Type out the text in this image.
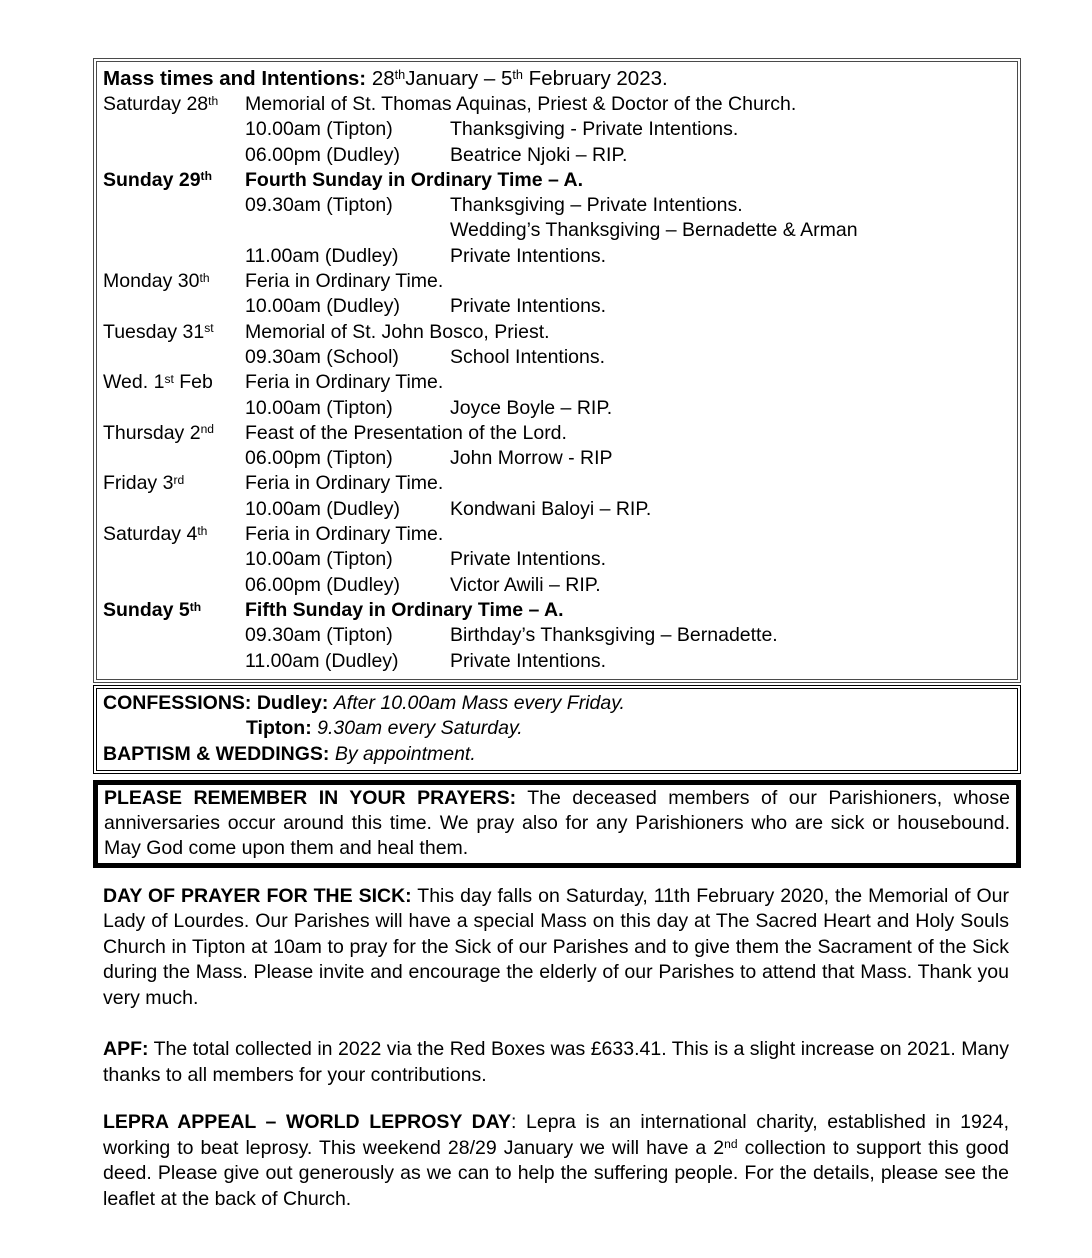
Mass times and Intentions: 28thJanuary – 5th February 2023.
Saturday 28th	Memorial of St. Thomas Aquinas, Priest & Doctor of the Church.
10.00am (Tipton)	Thanksgiving - Private Intentions.
06.00pm (Dudley)	Beatrice Njoki – RIP.
Sunday 29th	Fourth Sunday in Ordinary Time – A.
09.30am (Tipton)	Thanksgiving – Private Intentions.
Wedding’s Thanksgiving – Bernadette & Arman
11.00am (Dudley)	Private Intentions.
Monday 30th	Feria in Ordinary Time.
10.00am (Dudley)	Private Intentions.
Tuesday 31st	Memorial of St. John Bosco, Priest.
09.30am (School)	School Intentions.
Wed. 1st Feb	Feria in Ordinary Time.
10.00am (Tipton)	Joyce Boyle – RIP.
Thursday 2nd	Feast of the Presentation of the Lord.
06.00pm (Tipton)	John Morrow - RIP
Friday 3rd	Feria in Ordinary Time.
10.00am (Dudley)	Kondwani Baloyi – RIP.
Saturday 4th	Feria in Ordinary Time.
10.00am (Tipton)	Private Intentions.
06.00pm (Dudley)	Victor Awili – RIP.
Sunday 5th	Fifth Sunday in Ordinary Time – A.
09.30am (Tipton)	Birthday’s Thanksgiving – Bernadette.
11.00am (Dudley)	Private Intentions.
CONFESSIONS: Dudley: After 10.00am Mass every Friday.
Tipton: 9.30am every Saturday.
BAPTISM & WEDDINGS: By appointment.
PLEASE REMEMBER IN YOUR PRAYERS: The deceased members of our Parishioners, whose anniversaries occur around this time. We pray also for any Parishioners who are sick or housebound. May God come upon them and heal them.
DAY OF PRAYER FOR THE SICK: This day falls on Saturday, 11th February 2020, the Memorial of Our Lady of Lourdes. Our Parishes will have a special Mass on this day at The Sacred Heart and Holy Souls Church in Tipton at 10am to pray for the Sick of our Parishes and to give them the Sacrament of the Sick during the Mass. Please invite and encourage the elderly of our Parishes to attend that Mass. Thank you very much.
APF: The total collected in 2022 via the Red Boxes was £633.41. This is a slight increase on 2021. Many thanks to all members for your contributions.
LEPRA APPEAL – WORLD LEPROSY DAY: Lepra is an international charity, established in 1924, working to beat leprosy. This weekend 28/29 January we will have a 2nd collection to support this good deed. Please give out generously as we can to help the suffering people. For the details, please see the leaflet at the back of Church.
